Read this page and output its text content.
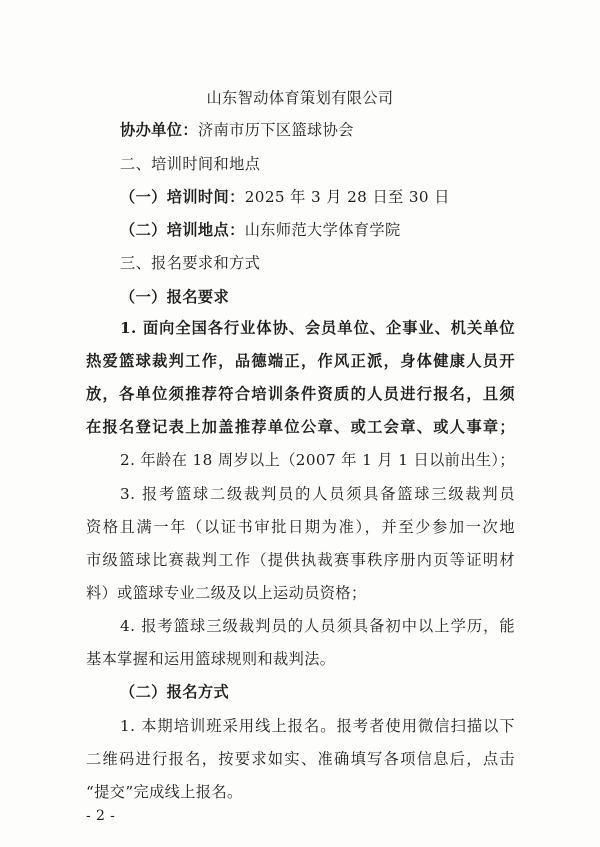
山东智动体育策划有限公司
协办单位：济南市历下区篮球协会
二、培训时间和地点
（一）培训时间：2025 年 3 月 28 日至 30 日
（二）培训地点：山东师范大学体育学院
三、报名要求和方式
（一）报名要求
1. 面向全国各行业体协、会员单位、企事业、机关单位
热爱篮球裁判工作，品德端正，作风正派，身体健康人员开
放，各单位须推荐符合培训条件资质的人员进行报名，且须
在报名登记表上加盖推荐单位公章、或工会章、或人事章；
2. 年龄在 18 周岁以上（2007 年 1 月 1 日以前出生）；
3. 报考篮球二级裁判员的人员须具备篮球三级裁判员
资格且满一年（以证书审批日期为准），并至少参加一次地
市级篮球比赛裁判工作（提供执裁赛事秩序册内页等证明材
料）或篮球专业二级及以上运动员资格；
4. 报考篮球三级裁判员的人员须具备初中以上学历，能
基本掌握和运用篮球规则和裁判法。
（二）报名方式
1. 本期培训班采用线上报名。报考者使用微信扫描以下
二维码进行报名，按要求如实、准确填写各项信息后，点击
“提交”完成线上报名。
- 2 -
